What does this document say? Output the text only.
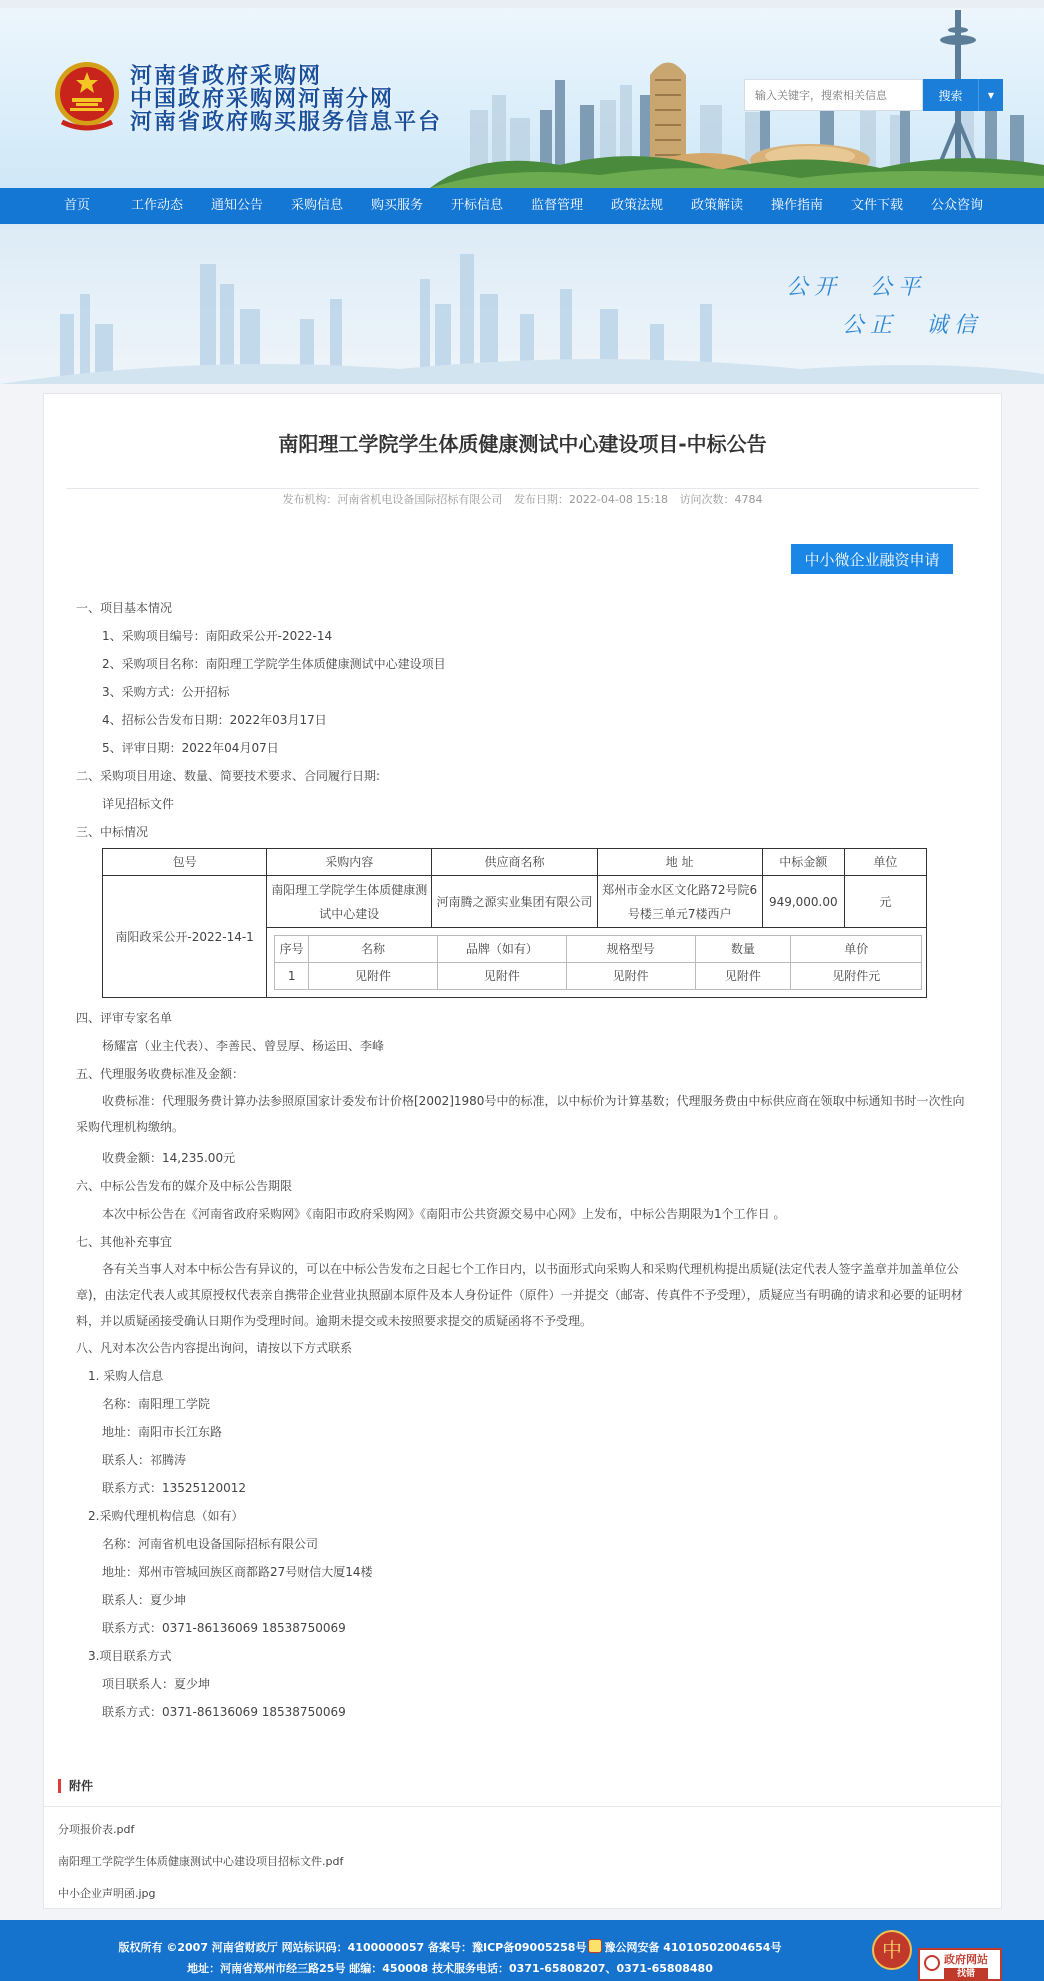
河南省政府采购网
中国政府采购网河南分网
河南省政府购买服务信息平台
输入关键字，搜索相关信息
搜索	▼
首页	工作动态	通知公告	采购信息	购买服务	开标信息	监督管理	政策法规	政策解读	操作指南	文件下载	公众咨询
公开　 公平
公正　 诚信
南阳理工学院学生体质健康测试中心建设项目-中标公告
发布机构：河南省机电设备国际招标有限公司 发布日期：2022-04-08 15:18 访问次数：4784
中小微企业融资申请
一、项目基本情况
1、采购项目编号：南阳政采公开-2022-14
2、采购项目名称：南阳理工学院学生体质健康测试中心建设项目
3、采购方式：公开招标
4、招标公告发布日期：2022年03月17日
5、评审日期：2022年04月07日
二、采购项目用途、数量、简要技术要求、合同履行日期:
详见招标文件
三、中标情况
包号	采购内容	供应商名称	地 址	中标金额	单位
南阳政采公开-2022-14-1	南阳理工学院学生体质健康测试中心建设	河南腾之源实业集团有限公司	郑州市金水区文化路72号院6号楼三单元7楼西户	949,000.00	元

序号	名称	品牌（如有）	规格型号	数量	单价
1	见附件	见附件	见附件	见附件	见附件元
四、评审专家名单
杨耀富（业主代表）、李善民、曾昱厚、杨运田、李峰
五、代理服务收费标准及金额：
收费标准：代理服务费计算办法参照原国家计委发布计价格[2002]1980号中的标准，以中标价为计算基数；代理服务费由中标供应商在领取中标通知书时一次性向采购代理机构缴纳。
收费金额：14,235.00元
六、中标公告发布的媒介及中标公告期限
本次中标公告在《河南省政府采购网》《南阳市政府采购网》《南阳市公共资源交易中心网》上发布，中标公告期限为1个工作日 。
七、其他补充事宜
各有关当事人对本中标公告有异议的，可以在中标公告发布之日起七个工作日内，以书面形式向采购人和采购代理机构提出质疑(法定代表人签字盖章并加盖单位公章)，由法定代表人或其原授权代表亲自携带企业营业执照副本原件及本人身份证件（原件）一并提交（邮寄、传真件不予受理），质疑应当有明确的请求和必要的证明材料，并以质疑函接受确认日期作为受理时间。逾期未提交或未按照要求提交的质疑函将不予受理。
八、凡对本次公告内容提出询问，请按以下方式联系
1. 采购人信息
名称：南阳理工学院
地址：南阳市长江东路
联系人：祁腾涛
联系方式：13525120012
2.采购代理机构信息（如有）
名称：河南省机电设备国际招标有限公司
地址：郑州市管城回族区商都路27号财信大厦14楼
联系人：夏少坤
联系方式：0371-86136069 18538750069
3.项目联系方式
项目联系人：夏少坤
联系方式：0371-86136069 18538750069
附件
分项报价表.pdf
南阳理工学院学生体质健康测试中心建设项目招标文件.pdf
中小企业声明函.jpg
版权所有 ©2007 河南省财政厅 网站标识码：4100000057 备案号：豫ICP备09005258号 豫公网安备 41010502004654号
地址：河南省郑州市经三路25号 邮编：450008 技术服务电话：0371-65808207、0371-65808480
中	政府网站
找错
